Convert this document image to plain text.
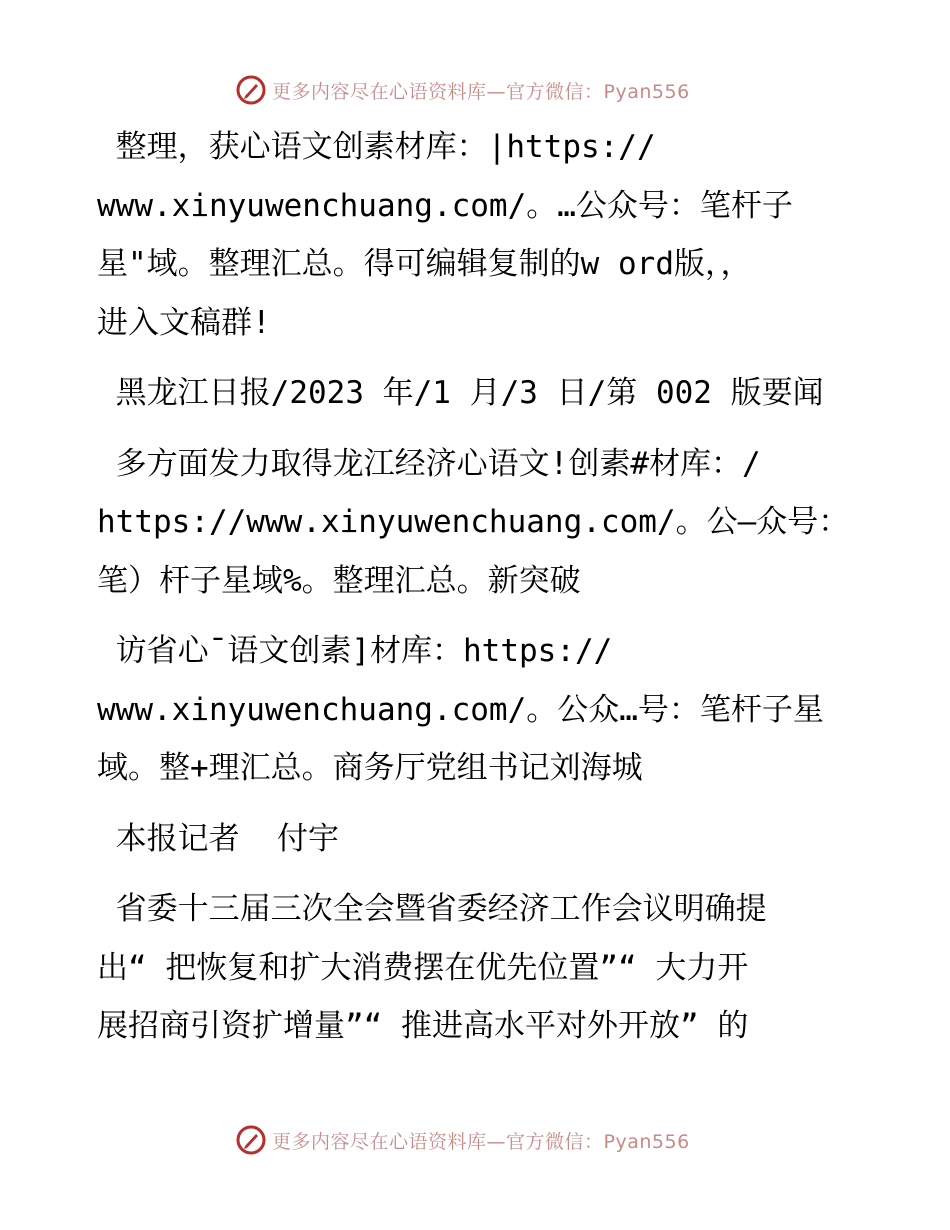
更多内容尽在心语资料库—官方微信：Pyan556
整理，获心语文创素材库：|https://
www.xinyuwenchuang.com/。…公众号：笔杆子
星"域。整理汇总。得可编辑复制的w ord版，，
进入文稿群!
黑龙江日报/2023 年/1 月/3 日/第 002 版要闻
多方面发力取得龙江经济心语文!创素#材库：/
https://www.xinyuwenchuang.com/。公—众号：
笔）杆子星域%。整理汇总。新突破
访省心¯语文创素]材库：https://
www.xinyuwenchuang.com/。公众…号：笔杆子星
域。整+理汇总。商务厅党组书记刘海城
本报记者  付宇
省委十三届三次全会暨省委经济工作会议明确提
出“ 把恢复和扩大消费摆在优先位置”“ 大力开
展招商引资扩增量”“ 推进高水平对外开放” 的
更多内容尽在心语资料库—官方微信：Pyan556
